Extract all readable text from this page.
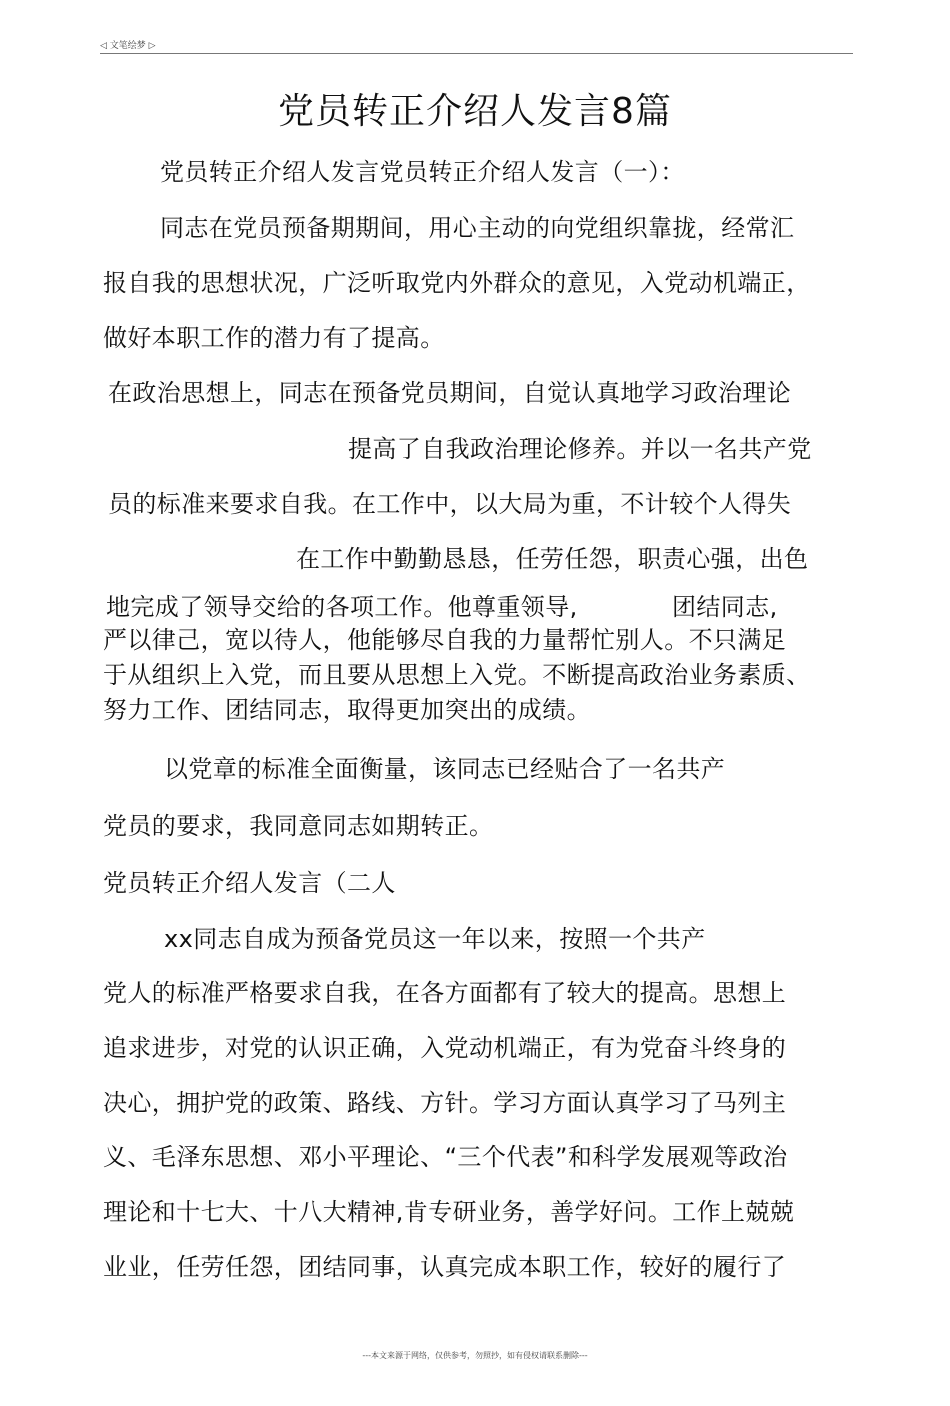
◁ 文笔绘梦 ▷
党员转正介绍人发言8篇
党员转正介绍人发言党员转正介绍人发言（一）：
同志在党员预备期期间，用心主动的向党组织靠拢，经常汇
报自我的思想状况，广泛听取党内外群众的意见，入党动机端正，
做好本职工作的潜力有了提高。
在政治思想上，同志在预备党员期间，自觉认真地学习政治理论
提高了自我政治理论修养。并以一名共产党
员的标准来要求自我。在工作中，以大局为重，不计较个人得失
在工作中勤勤恳恳，任劳任怨，职责心强，出色
地完成了领导交给的各项工作。他尊重领导,	团结同志,
严以律己，宽以待人，他能够尽自我的力量帮忙别人。不只满足
于从组织上入党，而且要从思想上入党。不断提高政治业务素质、
努力工作、团结同志，取得更加突出的成绩。
以党章的标准全面衡量，该同志已经贴合了一名共产
党员的要求，我同意同志如期转正。
党员转正介绍人发言（二人
xx同志自成为预备党员这一年以来，按照一个共产
党人的标准严格要求自我，在各方面都有了较大的提高。思想上
追求进步，对党的认识正确，入党动机端正，有为党奋斗终身的
决心，拥护党的政策、路线、方针。学习方面认真学习了马列主
义、毛泽东思想、邓小平理论、“三个代表”和科学发展观等政治
理论和十七大、十八大精神,肯专研业务，善学好问。工作上兢兢
业业，任劳任怨，团结同事，认真完成本职工作，较好的履行了
---本文来源于网络，仅供参考，勿照抄，如有侵权请联系删除---
